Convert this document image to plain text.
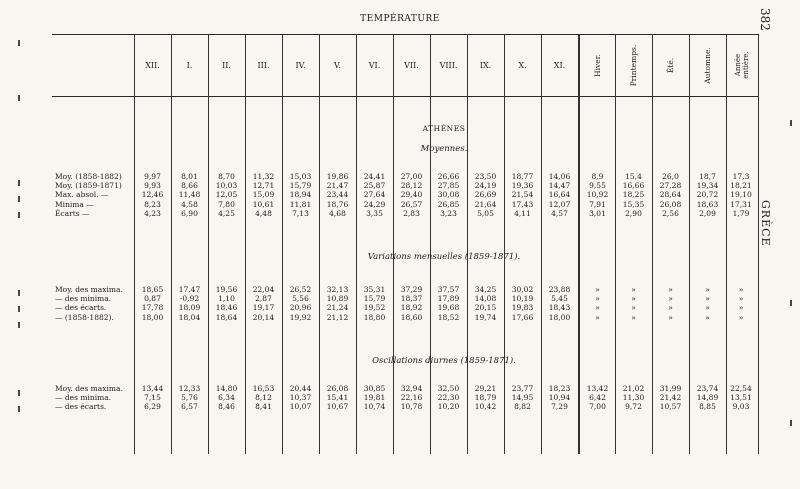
TEMPÉRATURE	382
GRÈCE
XII.	I.	II.	III.	IV.	V.	VI.	VII.	VIII.	IX.	X.	XI.	Hiver.	Printemps.	Été.	Automne.	Année entière.
ATHÈNES
Moyennes.
Variations mensuelles (1859-1871).
Oscillations diurnes (1859-1871).
Moy. (1858-1882)	9,97	8,01	8,70	11,32	15,03	19,86	24,41	27,00	26,66	23,50	18,77	14,06	8,9	15,4	26,0	18,7	17,3
Moy. (1859-1871)	9,93	8,66	10,03	12,71	15,79	21,47	25,87	28,12	27,85	24,19	19,36	14,47	9,55	16,66	27,28	19,34	18,21
Max. absol. —	12,46	11,48	12,05	15,09	18,94	23,44	27,64	29,40	30,08	26,69	21,54	16,64	10,92	18,25	28,64	20,72	19,10
Minima —	8,23	4,58	7,80	10,61	11,81	18,76	24,29	26,57	26,85	21,64	17,43	12,07	7,91	15,35	26,08	18,63	17,31
Écarts —	4,23	6,90	4,25	4,48	7,13	4,68	3,35	2,83	3,23	5,05	4,11	4,57	3,01	2,90	2,56	2,09	1,79
Moy. des maxima.	18,65	17,47	19,56	22,04	26,52	32,13	35,31	37,29	37,57	34,25	30,02	23,88	»	»	»	»	»
— des minima.	0,87	-0,92	1,10	2,87	5,56	10,89	15,79	18,37	17,89	14,08	10,19	5,45	»	»	»	»	»
— des écarts.	17,78	18,09	18,46	19,17	20,96	21,24	19,52	18,92	19,68	20,15	19,83	18,43	»	»	»	»	»
— (1858-1882).	18,00	18,04	18,64	20,14	19,92	21,12	18,80	18,60	18,52	19,74	17,66	18,00	»	»	»	»	»
Moy. des maxima.	13,44	12,33	14,80	16,53	20,44	26,08	30,85	32,94	32,50	29,21	23,77	18,23	13,42	21,02	31,99	23,74	22,54
— des minima.	7,15	5,76	6,34	8,12	10,37	15,41	19,81	22,16	22,30	18,79	14,95	10,94	6,42	11,30	21,42	14,89	13,51
— des écarts.	6,29	6,57	8,46	8,41	10,07	10,67	10,74	10,78	10,20	10,42	8,82	7,29	7,00	9,72	10,57	8,85	9,03
